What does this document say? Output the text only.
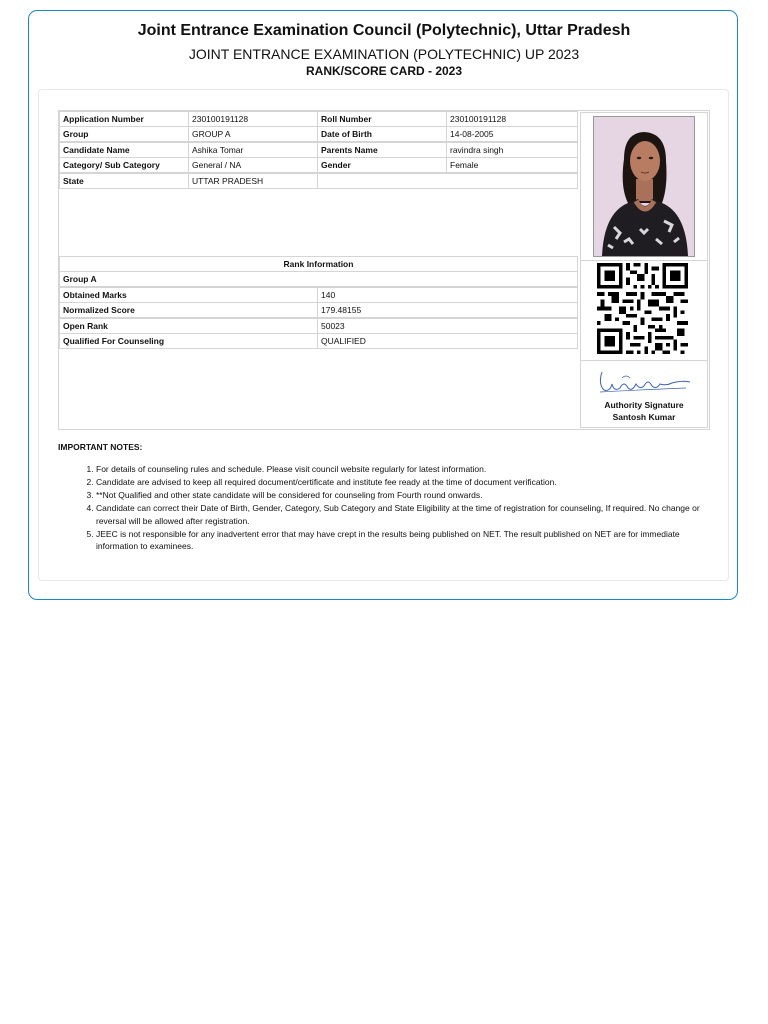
Joint Entrance Examination Council (Polytechnic), Uttar Pradesh
JOINT ENTRANCE EXAMINATION (POLYTECHNIC) UP 2023
RANK/SCORE CARD - 2023
Application Number	230100191128	Roll Number	230100191128
Group	GROUP A	Date of Birth	14-08-2005
Candidate Name	Ashika Tomar	Parents Name	ravindra singh
Category/ Sub Category	General / NA	Gender	Female
State	UTTAR PRADESH
Rank Information
Group A
Obtained Marks	140
Normalized Score	179.48155
Open Rank	50023
Qualified For Counseling	QUALIFIED
Authority Signature
Santosh Kumar
IMPORTANT NOTES:
1. For details of counseling rules and schedule. Please visit council website regularly for latest information.
2. Candidate are advised to keep all required document/certificate and institute fee ready at the time of document verification.
3. **Not Qualified and other state candidate will be considered for counseling from Fourth round onwards.
4. Candidate can correct their Date of Birth, Gender, Category, Sub Category and State Eligibility at the time of registration for counseling, If required. No change or reversal will be allowed after registration.
5. JEEC is not responsible for any inadvertent error that may have crept in the results being published on NET. The result published on NET are for immediate information to examinees.
